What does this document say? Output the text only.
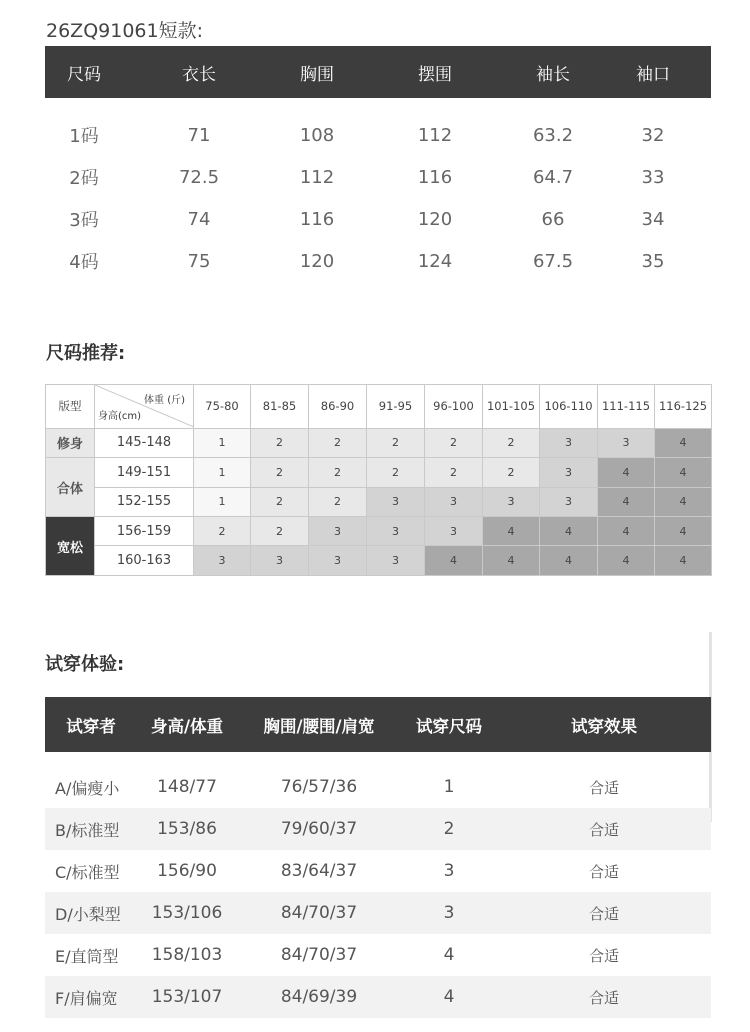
26ZQ91061短款:
尺码	衣长	胸围	摆围	袖长	袖口
1码	71	108	112	63.2	32
2码	72.5	112	116	64.7	33
3码	74	116	120	66	34
4码	75	120	124	67.5	35
尺码推荐:
版型	体重 (斤)
身高(cm)	75-80	81-85	86-90	91-95	96-100	101-105	106-110	111-115	116-125
修身	145-148	1	2	2	2	2	2	3	3	4
合体	149-151	1	2	2	2	2	2	3	4	4
	152-155	1	2	2	3	3	3	3	4	4
宽松	156-159	2	2	3	3	3	4	4	4	4
	160-163	3	3	3	3	4	4	4	4	4
试穿体验:
试穿者	身高/体重	胸围/腰围/肩宽	试穿尺码	试穿效果
A/偏瘦小	148/77	76/57/36	1	合适
B/标准型	153/86	79/60/37	2	合适
C/标准型	156/90	83/64/37	3	合适
D/小梨型	153/106	84/70/37	3	合适
E/直筒型	158/103	84/70/37	4	合适
F/肩偏宽	153/107	84/69/39	4	合适
